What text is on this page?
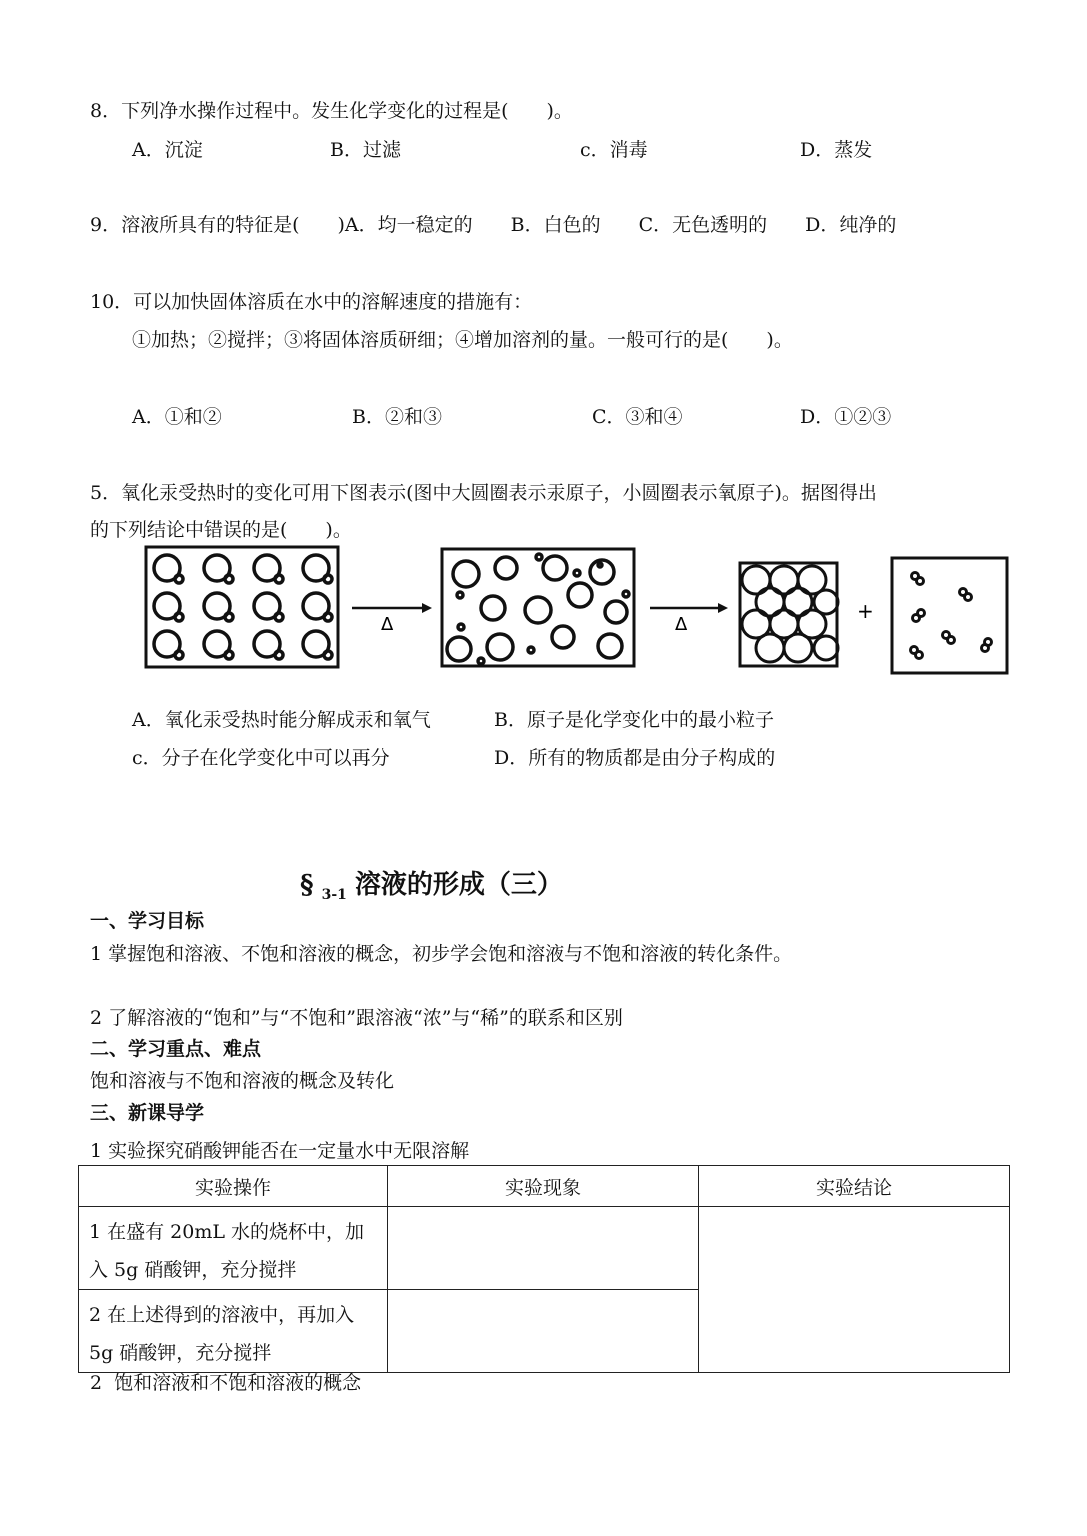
8．下列净水操作过程中。发生化学变化的过程是(　　)。
A．沉淀	B．过滤	c．消毒	D．蒸发
9．溶液所具有的特征是(　　)A．均一稳定的　　B．白色的　　C．无色透明的　　D．纯净的
10．可以加快固体溶质在水中的溶解速度的措施有：
①加热；②搅拌；③将固体溶质研细；④增加溶剂的量。一般可行的是(　　)。
A．①和②	B．②和③	C．③和④	D．①②③
5．氧化汞受热时的变化可用下图表示(图中大圆圈表示汞原子，小圆圈表示氧原子)。据图得出
的下列结论中错误的是(　　)。
Δ	Δ
+
A．氧化汞受热时能分解成汞和氧气	B．原子是化学变化中的最小粒子
c．分子在化学变化中可以再分	D．所有的物质都是由分子构成的
§ $_{3-1}$ 溶液的形成（三）
一、学习目标
1 掌握饱和溶液、不饱和溶液的概念，初步学会饱和溶液与不饱和溶液的转化条件。
2 了解溶液的“饱和”与“不饱和”跟溶液“浓”与“稀”的联系和区别
二、学习重点、难点
饱和溶液与不饱和溶液的概念及转化
三、新课导学
1 实验探究硝酸钾能否在一定量水中无限溶解
实验操作	实验现象	实验结论
1 在盛有 20mL 水的烧杯中，加入 5g 硝酸钾，充分搅拌		
2 在上述得到的溶液中，再加入 5g 硝酸钾，充分搅拌		
2  饱和溶液和不饱和溶液的概念
